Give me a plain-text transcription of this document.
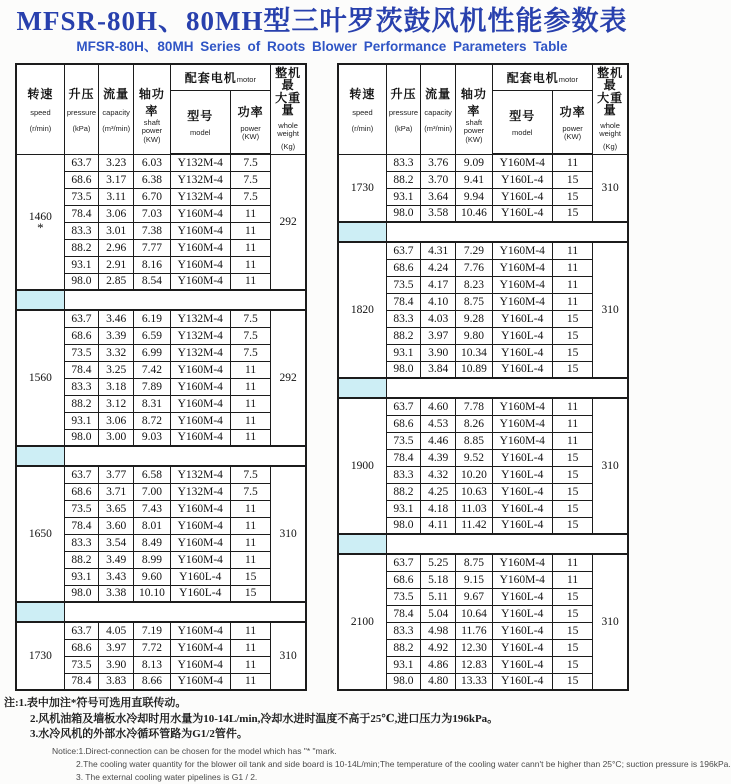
MFSR-80H、80MH型三叶罗茨鼓风机性能参数表
MFSR-80H、80MH Series of Roots Blower Performance Parameters Table
转速
speed
(r/min)	升压
pressure
(kPa)	流量
capacity
(m³/min)	轴功率
shaft power
(KW)	配套电机motor		整机最
大重量
whole weight
(Kg)

				型号
model	功率
power (KW)	

1460
*	63.7	3.23	6.03	Y132M-4	7.5	292
	68.6	3.17	6.38	Y132M-4	7.5	
	73.5	3.11	6.70	Y132M-4	7.5	
	78.4	3.06	7.03	Y160M-4	11	
	83.3	3.01	7.38	Y160M-4	11	
	88.2	2.96	7.77	Y160M-4	11	
	93.1	2.91	8.16	Y160M-4	11	
	98.0	2.85	8.54	Y160M-4	11	

1560	63.7	3.46	6.19	Y132M-4	7.5	292
	68.6	3.39	6.59	Y132M-4	7.5	
	73.5	3.32	6.99	Y132M-4	7.5	
	78.4	3.25	7.42	Y160M-4	11	
	83.3	3.18	7.89	Y160M-4	11	
	88.2	3.12	8.31	Y160M-4	11	
	93.1	3.06	8.72	Y160M-4	11	
	98.0	3.00	9.03	Y160M-4	11	

1650	63.7	3.77	6.58	Y132M-4	7.5	310
	68.6	3.71	7.00	Y132M-4	7.5	
	73.5	3.65	7.43	Y160M-4	11	
	78.4	3.60	8.01	Y160M-4	11	
	83.3	3.54	8.49	Y160M-4	11	
	88.2	3.49	8.99	Y160M-4	11	
	93.1	3.43	9.60	Y160L-4	15	
	98.0	3.38	10.10	Y160L-4	15	

1730	63.7	4.05	7.19	Y160M-4	11	310
	68.6	3.97	7.72	Y160M-4	11	
	73.5	3.90	8.13	Y160M-4	11	
	78.4	3.83	8.66	Y160M-4	11	
转速
speed
(r/min)	升压
pressure
(kPa)	流量
capacity
(m³/min)	轴功率
shaft power
(KW)	配套电机motor		整机最
大重量
whole weight
(Kg)

				型号
model	功率
power (KW)	

1730	83.3	3.76	9.09	Y160M-4	11	310
	88.2	3.70	9.41	Y160L-4	15	
	93.1	3.64	9.94	Y160L-4	15	
	98.0	3.58	10.46	Y160L-4	15	

1820	63.7	4.31	7.29	Y160M-4	11	310
	68.6	4.24	7.76	Y160M-4	11	
	73.5	4.17	8.23	Y160M-4	11	
	78.4	4.10	8.75	Y160M-4	11	
	83.3	4.03	9.28	Y160L-4	15	
	88.2	3.97	9.80	Y160L-4	15	
	93.1	3.90	10.34	Y160L-4	15	
	98.0	3.84	10.89	Y160L-4	15	

1900	63.7	4.60	7.78	Y160M-4	11	310
	68.6	4.53	8.26	Y160M-4	11	
	73.5	4.46	8.85	Y160M-4	11	
	78.4	4.39	9.52	Y160L-4	15	
	83.3	4.32	10.20	Y160L-4	15	
	88.2	4.25	10.63	Y160L-4	15	
	93.1	4.18	11.03	Y160L-4	15	
	98.0	4.11	11.42	Y160L-4	15	

2100	63.7	5.25	8.75	Y160M-4	11	310
	68.6	5.18	9.15	Y160M-4	11	
	73.5	5.11	9.67	Y160L-4	15	
	78.4	5.04	10.64	Y160L-4	15	
	83.3	4.98	11.76	Y160L-4	15	
	88.2	4.92	12.30	Y160L-4	15	
	93.1	4.86	12.83	Y160L-4	15	
	98.0	4.80	13.33	Y160L-4	15	
注:1.表中加注*符号可选用直联传动。
2.风机油箱及墙板水冷却时用水量为10-14L/min,冷却水进时温度不高于25℃,进口压力为196kPa。
3.水冷风机的外部水冷循环管路为G1/2管件。
Notice:1.Direct-connection can be chosen for the model which has "* "mark.
2.The cooling water quantity for the blower oil tank and side board is 10-14L/min;The temperature of the cooling water cann't be higher than 25°C; suction pressure is 196kPa.
3. The external cooling water pipelines is G1 / 2.
